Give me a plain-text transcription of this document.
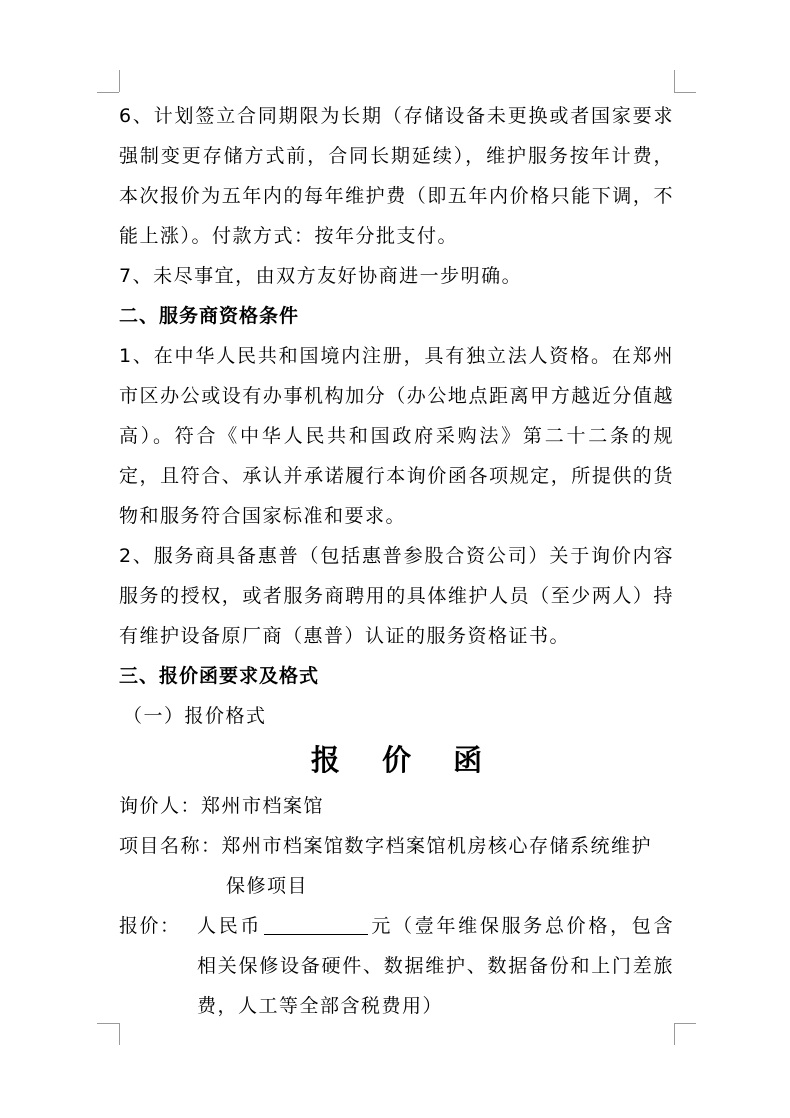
6、计划签立合同期限为长期（存储设备未更换或者国家要求强制变更存储方式前，合同长期延续），维护服务按年计费，本次报价为五年内的每年维护费（即五年内价格只能下调，不能上涨）。付款方式：按年分批支付。

7、未尽事宜，由双方友好协商进一步明确。

二、服务商资格条件

1、在中华人民共和国境内注册，具有独立法人资格。在郑州市区办公或设有办事机构加分（办公地点距离甲方越近分值越高）。符合《中华人民共和国政府采购法》第二十二条的规定，且符合、承认并承诺履行本询价函各项规定，所提供的货物和服务符合国家标准和要求。

2、服务商具备惠普（包括惠普参股合资公司）关于询价内容服务的授权，或者服务商聘用的具体维护人员（至少两人）持有维护设备原厂商（惠普）认证的服务资格证书。

三、报价函要求及格式

（一）报价格式

报 价 函
询价人： 郑州市档案馆
项目名称： 郑州市档案馆数字档案馆机房核心存储系统维护
保修项目
报价： 人民币	元（壹年维保服务总价格，包含相关保修设备硬件、数据维护、数据备份和上门差旅费，人工等全部含税费用）
